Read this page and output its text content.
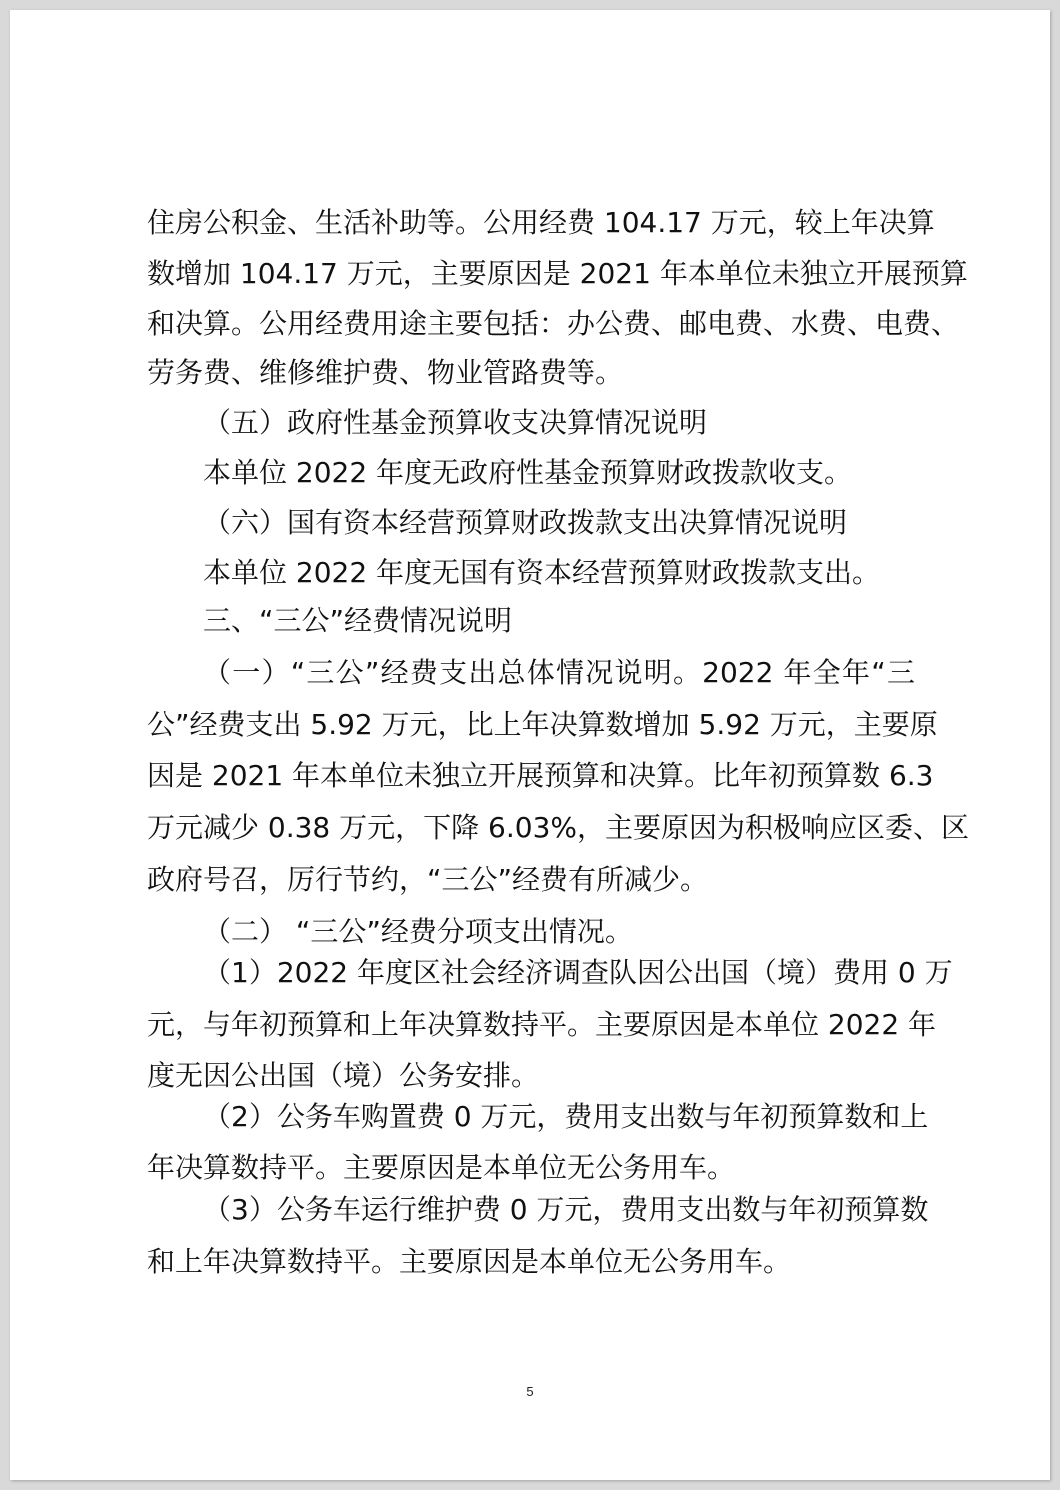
住房公积金、生活补助等。公用经费 104.17 万元，较上年决算
数增加 104.17 万元，主要原因是 2021 年本单位未独立开展预算
和决算。公用经费用途主要包括：办公费、邮电费、水费、电费、
劳务费、维修维护费、物业管路费等。
（五）政府性基金预算收支决算情况说明
本单位 2022 年度无政府性基金预算财政拨款收支。
（六）国有资本经营预算财政拨款支出决算情况说明
本单位 2022 年度无国有资本经营预算财政拨款支出。
三、“三公”经费情况说明
（一）“三公”经费支出总体情况说明。2022 年全年“三
公”经费支出 5.92 万元，比上年决算数增加 5.92 万元，主要原
因是 2021 年本单位未独立开展预算和决算。比年初预算数 6.3
万元减少 0.38 万元，下降 6.03%，主要原因为积极响应区委、区
政府号召，厉行节约，“三公”经费有所减少。
（二） “三公”经费分项支出情况。
（1）2022 年度区社会经济调查队因公出国（境）费用 0 万
元，与年初预算和上年决算数持平。主要原因是本单位 2022 年
度无因公出国（境）公务安排。
（2）公务车购置费 0 万元，费用支出数与年初预算数和上
年决算数持平。主要原因是本单位无公务用车。
（3）公务车运行维护费 0 万元，费用支出数与年初预算数
和上年决算数持平。主要原因是本单位无公务用车。
5
